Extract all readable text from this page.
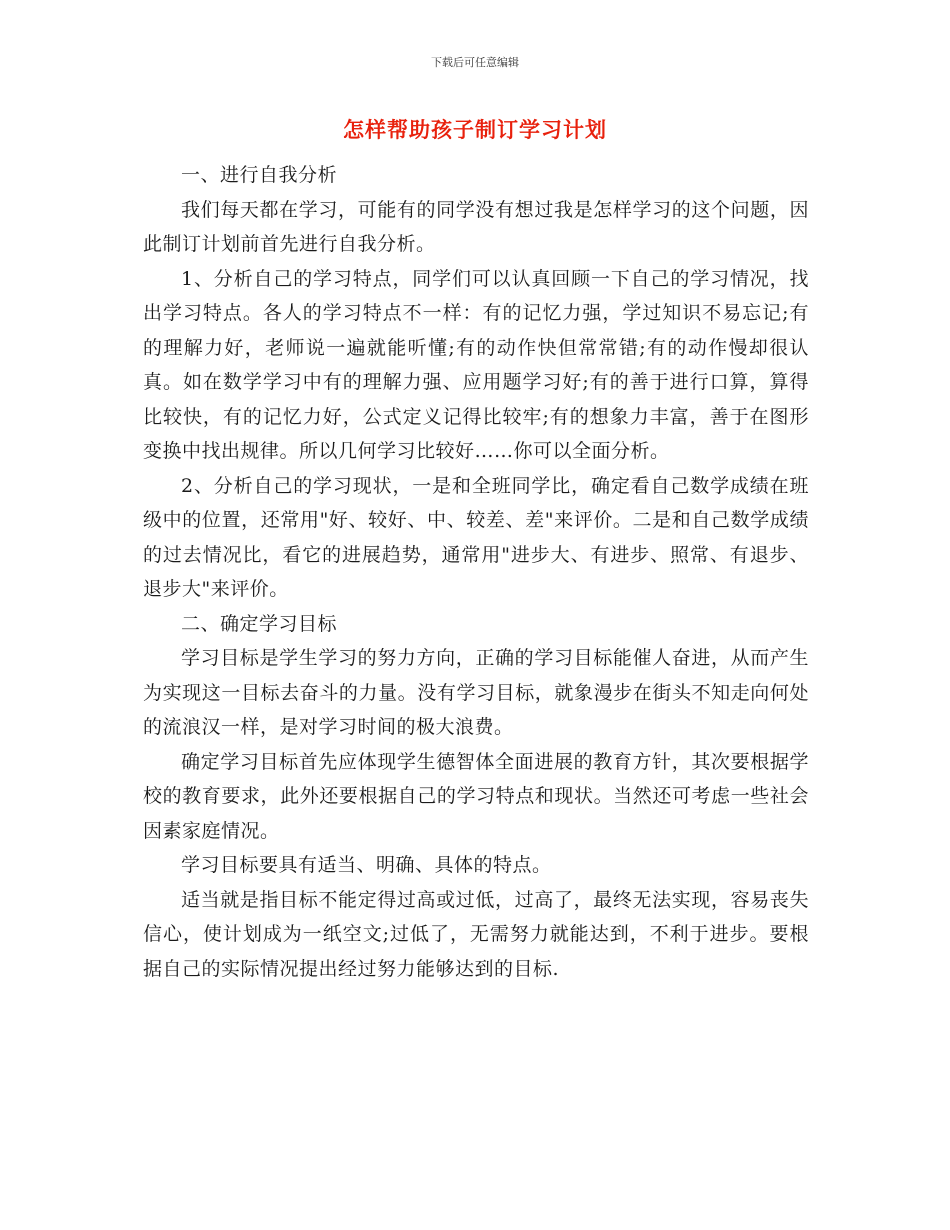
下载后可任意编辑
怎样帮助孩子制订学习计划

一、进行自我分析

我们每天都在学习，可能有的同学没有想过我是怎样学习的这个问题，因此制订计划前首先进行自我分析。

1、分析自己的学习特点，同学们可以认真回顾一下自己的学习情况，找出学习特点。各人的学习特点不一样：有的记忆力强，学过知识不易忘记;有的理解力好，老师说一遍就能听懂;有的动作快但常常错;有的动作慢却很认真。如在数学学习中有的理解力强、应用题学习好;有的善于进行口算，算得比较快，有的记忆力好，公式定义记得比较牢;有的想象力丰富，善于在图形变换中找出规律。所以几何学习比较好……你可以全面分析。

2、分析自己的学习现状，一是和全班同学比，确定看自己数学成绩在班级中的位置，还常用"好、较好、中、较差、差"来评价。二是和自己数学成绩的过去情况比，看它的进展趋势，通常用"进步大、有进步、照常、有退步、退步大"来评价。

二、确定学习目标

学习目标是学生学习的努力方向，正确的学习目标能催人奋进，从而产生为实现这一目标去奋斗的力量。没有学习目标，就象漫步在街头不知走向何处的流浪汉一样，是对学习时间的极大浪费。

确定学习目标首先应体现学生德智体全面进展的教育方针，其次要根据学校的教育要求，此外还要根据自己的学习特点和现状。当然还可考虑一些社会因素家庭情况。

学习目标要具有适当、明确、具体的特点。

适当就是指目标不能定得过高或过低，过高了，最终无法实现，容易丧失信心，使计划成为一纸空文;过低了，无需努力就能达到，不利于进步。要根据自己的实际情况提出经过努力能够达到的目标.
